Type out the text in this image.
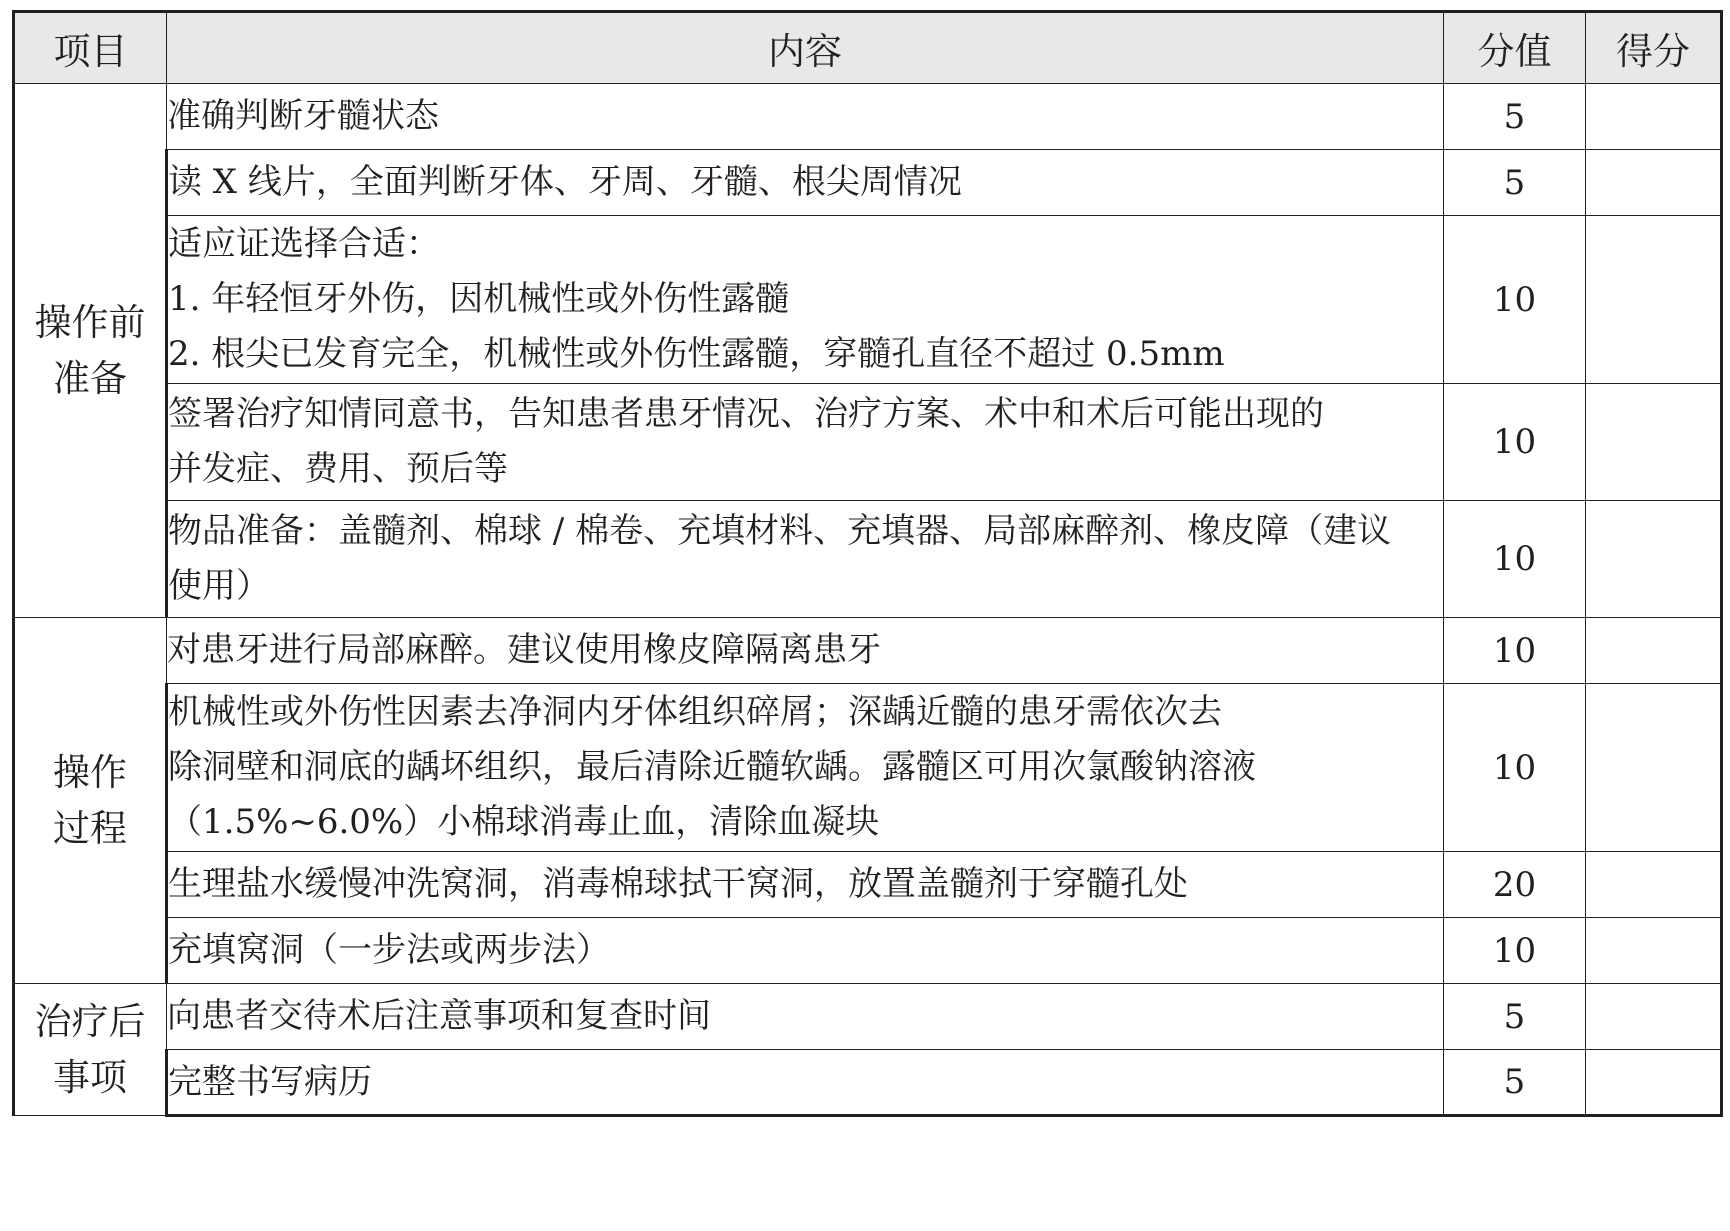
项目	内容	分值	得分

操作前
准备	准确判断牙髓状态	5	

	读 X 线片，全面判断牙体、牙周、牙髓、根尖周情况	5	

	适应证选择合适：
1. 年轻恒牙外伤，因机械性或外伤性露髓
2. 根尖已发育完全，机械性或外伤性露髓，穿髓孔直径不超过 0.5mm	10	

	签署治疗知情同意书，告知患者患牙情况、治疗方案、术中和术后可能出现的
并发症、费用、预后等	10	

	物品准备：盖髓剂、棉球 / 棉卷、充填材料、充填器、局部麻醉剂、橡皮障（建议
使用）	10	

操作
过程	对患牙进行局部麻醉。建议使用橡皮障隔离患牙	10	

	机械性或外伤性因素去净洞内牙体组织碎屑；深龋近髓的患牙需依次去
除洞壁和洞底的龋坏组织，最后清除近髓软龋。露髓区可用次氯酸钠溶液
（1.5%~6.0%）小棉球消毒止血，清除血凝块	10	

	生理盐水缓慢冲洗窝洞，消毒棉球拭干窝洞，放置盖髓剂于穿髓孔处	20	

	充填窝洞（一步法或两步法）	10	

治疗后
事项	向患者交待术后注意事项和复查时间	5	

	完整书写病历	5	
